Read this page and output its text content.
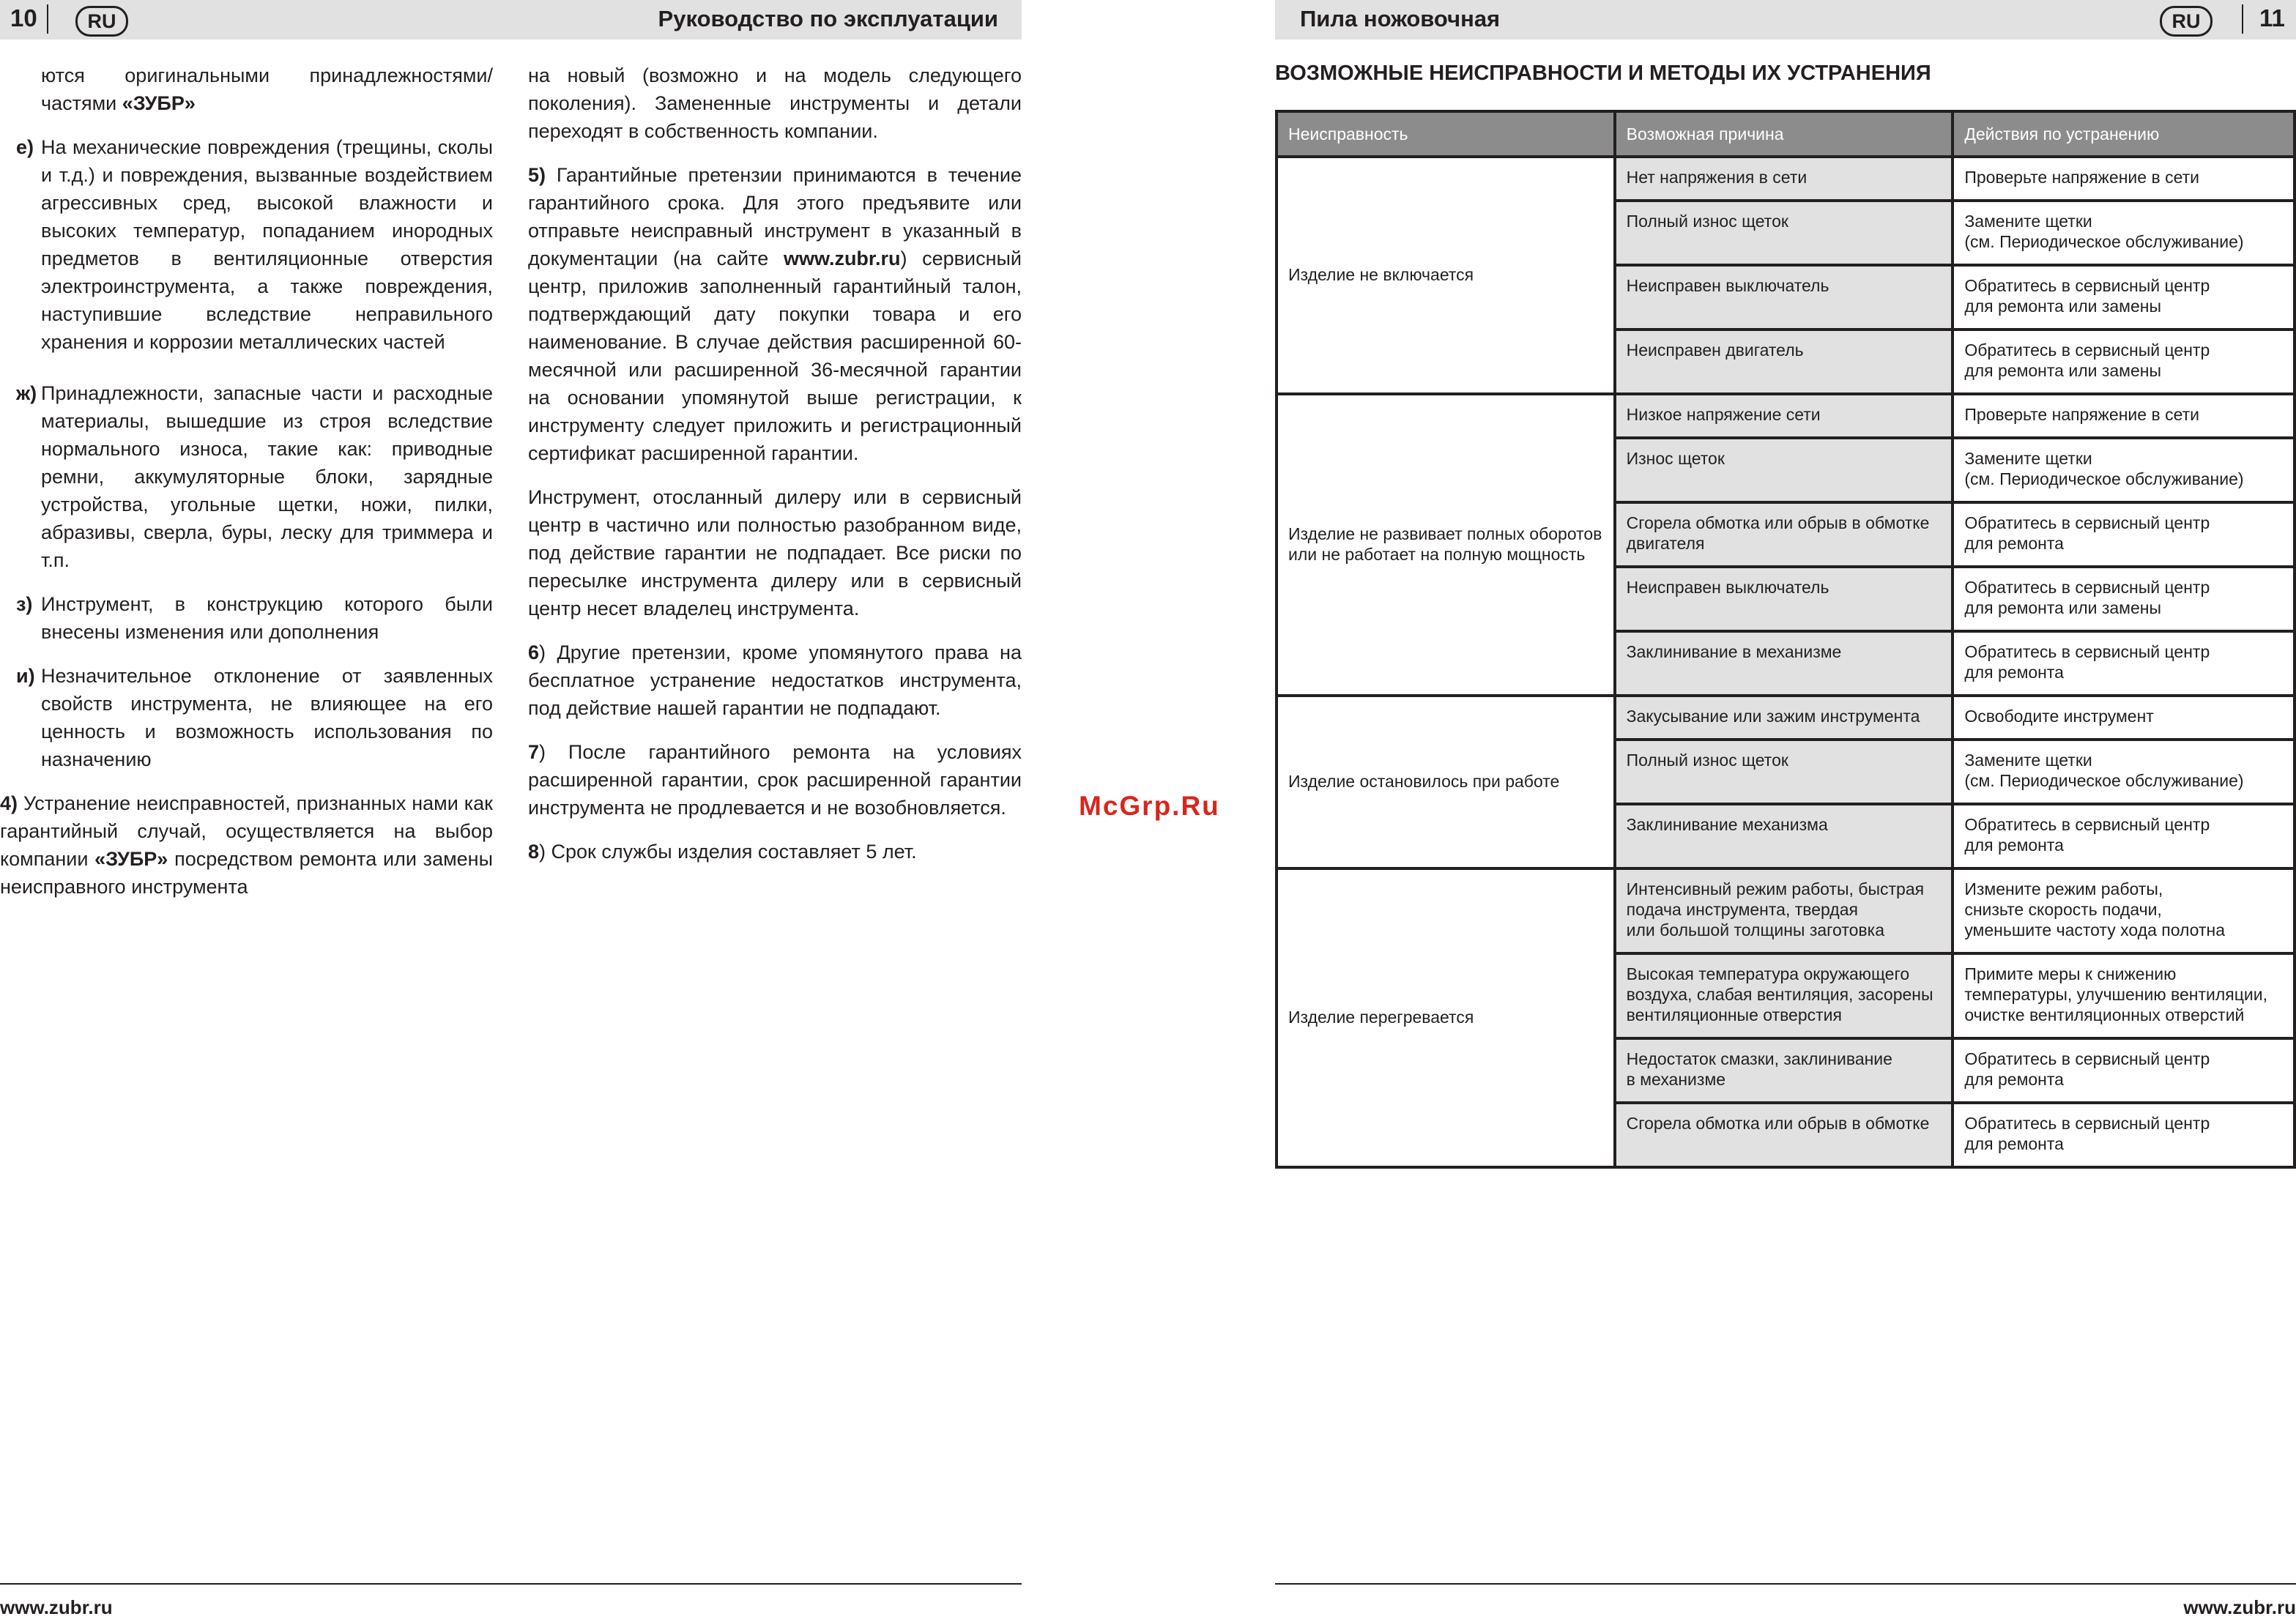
10	RU	Руководство по эксплуатации	Пила ножовочная	RU	11
ются оригинальными принадлежностями/ частями «ЗУБР»
е) На механические повреждения (трещины, сколы и т.д.) и повреждения, вызванные воздействием агрессивных сред, высокой влажности и высоких температур, попаданием инородных предметов в вентиляционные отверстия электроинструмента, а также повреждения, наступившие вследствие неправильного хранения и коррозии металлических частей
ж) Принадлежности, запасные части и расходные материалы, вышедшие из строя вследствие нормального износа, такие как: приводные ремни, аккумуляторные блоки, зарядные устройства, угольные щетки, ножи, пилки, абразивы, сверла, буры, леску для триммера и т.п.
з) Инструмент, в конструкцию которого были внесены изменения или дополнения
и) Незначительное отклонение от заявленных свойств инструмента, не влияющее на его ценность и возможность использования по назначению

4) Устранение неисправностей, признанных нами как гарантийный случай, осуществляется на выбор компании «ЗУБР» посредством ремонта или замены неисправного инструмента

на новый (возможно и на модель следующего поколения). Замененные инструменты и детали переходят в собственность компании.

5) Гарантийные претензии принимаются в течение гарантийного срока. Для этого предъявите или отправьте неисправный инструмент в указанный в документации (на сайте www.zubr.ru) сервисный центр, приложив заполненный гарантийный талон, подтверждающий дату покупки товара и его наименование. В случае действия расширенной 60-месячной или расширенной 36-месячной гарантии на основании упомянутой выше регистрации, к инструменту следует приложить и регистрационный сертификат расширенной гарантии.

Инструмент, отосланный дилеру или в сервисный центр в частично или полностью разобранном виде, под действие гарантии не подпадает. Все риски по пересылке инструмента дилеру или в сервисный центр несет владелец инструмента.

6) Другие претензии, кроме упомянутого права на бесплатное устранение недостатков инструмента, под действие нашей гарантии не подпадают.

7) После гарантийного ремонта на условиях расширенной гарантии, срок расширенной гарантии инструмента не продлевается и не возобновляется.

8) Срок службы изделия составляет 5 лет.

McGrp.Ru
ВОЗМОЖНЫЕ НЕИСПРАВНОСТИ И МЕТОДЫ ИХ УСТРАНЕНИЯ
Неисправность	Возможная причина	Действия по устранению
Изделие не включается	Нет напряжения в сети	Проверьте напряжение в сети
	Полный износ щеток	Замените щетки
(см. Периодическое обслуживание)
	Неисправен выключатель	Обратитесь в сервисный центр
для ремонта или замены
	Неисправен двигатель	Обратитесь в сервисный центр
для ремонта или замены
Изделие не развивает полных оборотов или не работает на полную мощность	Низкое напряжение сети	Проверьте напряжение в сети
	Износ щеток	Замените щетки
(см. Периодическое обслуживание)
	Сгорела обмотка или обрыв в обмотке двигателя	Обратитесь в сервисный центр
для ремонта
	Неисправен выключатель	Обратитесь в сервисный центр
для ремонта или замены
	Заклинивание в механизме	Обратитесь в сервисный центр
для ремонта
Изделие остановилось при работе	Закусывание или зажим инструмента	Освободите инструмент
	Полный износ щеток	Замените щетки
(см. Периодическое обслуживание)
	Заклинивание механизма	Обратитесь в сервисный центр
для ремонта
Изделие перегревается	Интенсивный режим работы, быстрая подача инструмента, твердая
или большой толщины заготовка	Измените режим работы,
снизьте скорость подачи,
уменьшите частоту хода полотна
	Высокая температура окружающего воздуха, слабая вентиляция, засорены вентиляционные отверстия	Примите меры к снижению температуры, улучшению вентиляции, очистке вентиляционных отверстий
	Недостаток смазки, заклинивание
в механизме	Обратитесь в сервисный центр
для ремонта
	Сгорела обмотка или обрыв в обмотке	Обратитесь в сервисный центр
для ремонта
www.zubr.ru	www.zubr.ru
